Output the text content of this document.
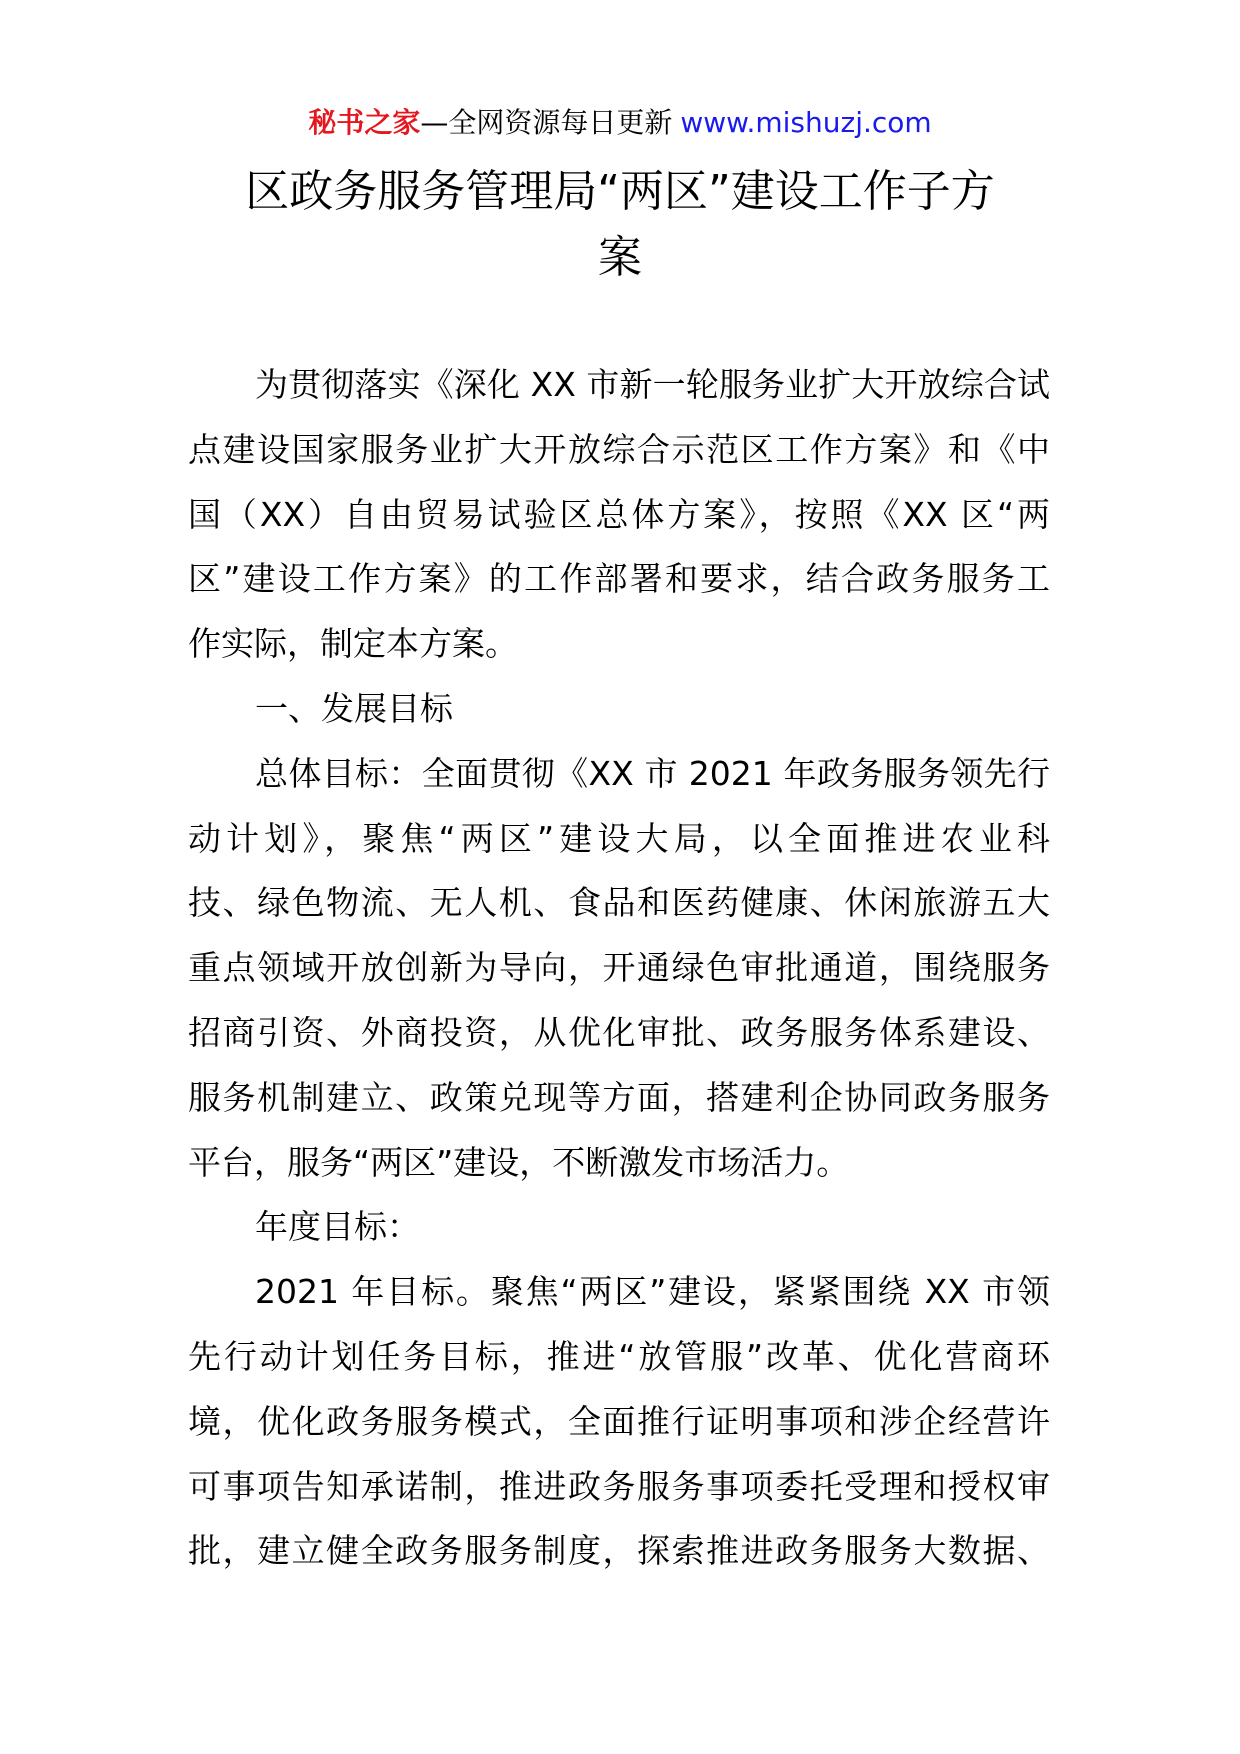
秘书之家—全网资源每日更新 www.mishuzj.com
区政务服务管理局“两区”建设工作子方
案
为贯彻落实《深化 XX 市新一轮服务业扩大开放综合试
点建设国家服务业扩大开放综合示范区工作方案》和《中
国（XX）自由贸易试验区总体方案》，按照《XX 区“两
区”建设工作方案》的工作部署和要求，结合政务服务工
作实际，制定本方案。
一、发展目标
总体目标：全面贯彻《XX 市 2021 年政务服务领先行
动计划》，聚焦“两区”建设大局，以全面推进农业科
技、绿色物流、无人机、食品和医药健康、休闲旅游五大
重点领域开放创新为导向，开通绿色审批通道，围绕服务
招商引资、外商投资，从优化审批、政务服务体系建设、
服务机制建立、政策兑现等方面，搭建利企协同政务服务
平台，服务“两区”建设，不断激发市场活力。
年度目标：
2021 年目标。聚焦“两区”建设，紧紧围绕 XX 市领
先行动计划任务目标，推进“放管服”改革、优化营商环
境，优化政务服务模式，全面推行证明事项和涉企经营许
可事项告知承诺制，推进政务服务事项委托受理和授权审
批，建立健全政务服务制度，探索推进政务服务大数据、
